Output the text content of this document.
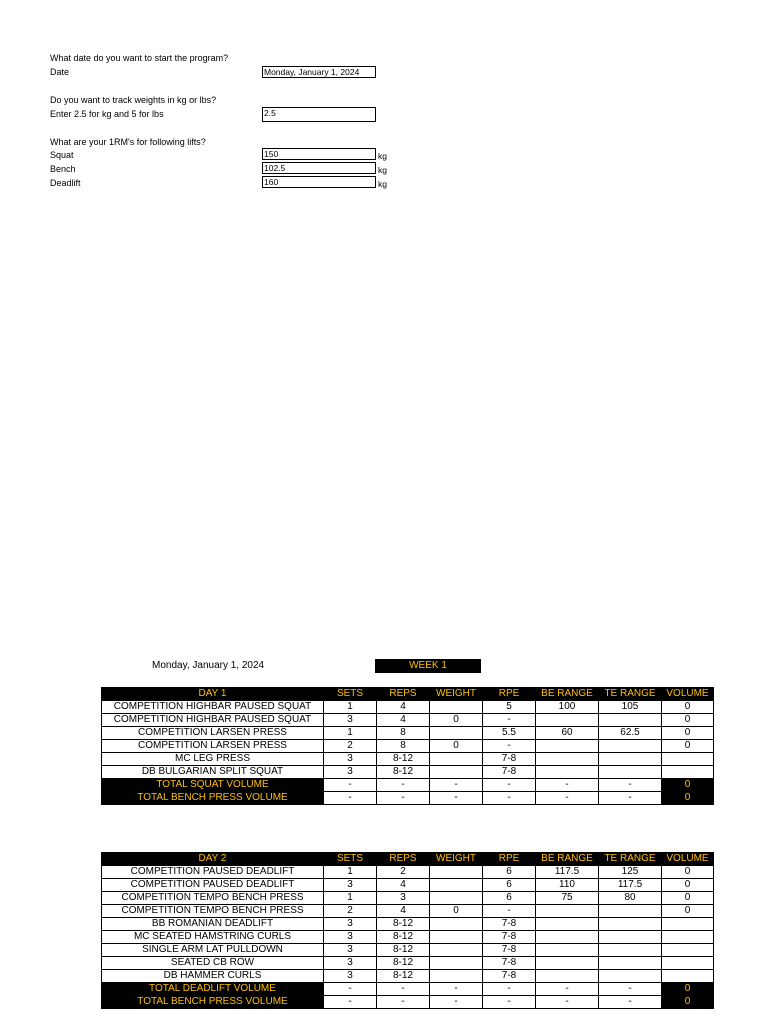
What date do you want to start the program?
Date	Monday, January 1, 2024
Do you want to track weights in kg or lbs?
Enter 2.5 for kg and 5 for lbs	2.5
What are your 1RM's for following lifts?
Squat	150	kg
Bench	102.5	kg
Deadlift	160	kg
Monday, January 1, 2024	WEEK 1
DAY 1	SETS	REPS	WEIGHT	RPE	BE RANGE	TE RANGE	VOLUME
COMPETITION HIGHBAR PAUSED SQUAT	1	4		5	100	105	0
COMPETITION HIGHBAR PAUSED SQUAT	3	4	0	-			0
COMPETITION LARSEN PRESS	1	8		5.5	60	62.5	0
COMPETITION LARSEN PRESS	2	8	0	-			0
MC LEG PRESS	3	8-12		7-8			
DB BULGARIAN SPLIT SQUAT	3	8-12		7-8			
TOTAL SQUAT VOLUME	-	-	-	-	-	-	0
TOTAL BENCH PRESS VOLUME	-	-	-	-	-	-	0
DAY 2	SETS	REPS	WEIGHT	RPE	BE RANGE	TE RANGE	VOLUME
COMPETITION PAUSED DEADLIFT	1	2		6	117.5	125	0
COMPETITION PAUSED DEADLIFT	3	4		6	110	117.5	0
COMPETITION TEMPO BENCH PRESS	1	3		6	75	80	0
COMPETITION TEMPO BENCH PRESS	2	4	0	-			0
BB ROMANIAN DEADLIFT	3	8-12		7-8			
MC SEATED HAMSTRING CURLS	3	8-12		7-8			
SINGLE ARM LAT PULLDOWN	3	8-12		7-8			
SEATED CB ROW	3	8-12		7-8			
DB HAMMER CURLS	3	8-12		7-8			
TOTAL DEADLIFT VOLUME	-	-	-	-	-	-	0
TOTAL BENCH PRESS VOLUME	-	-	-	-	-	-	0
